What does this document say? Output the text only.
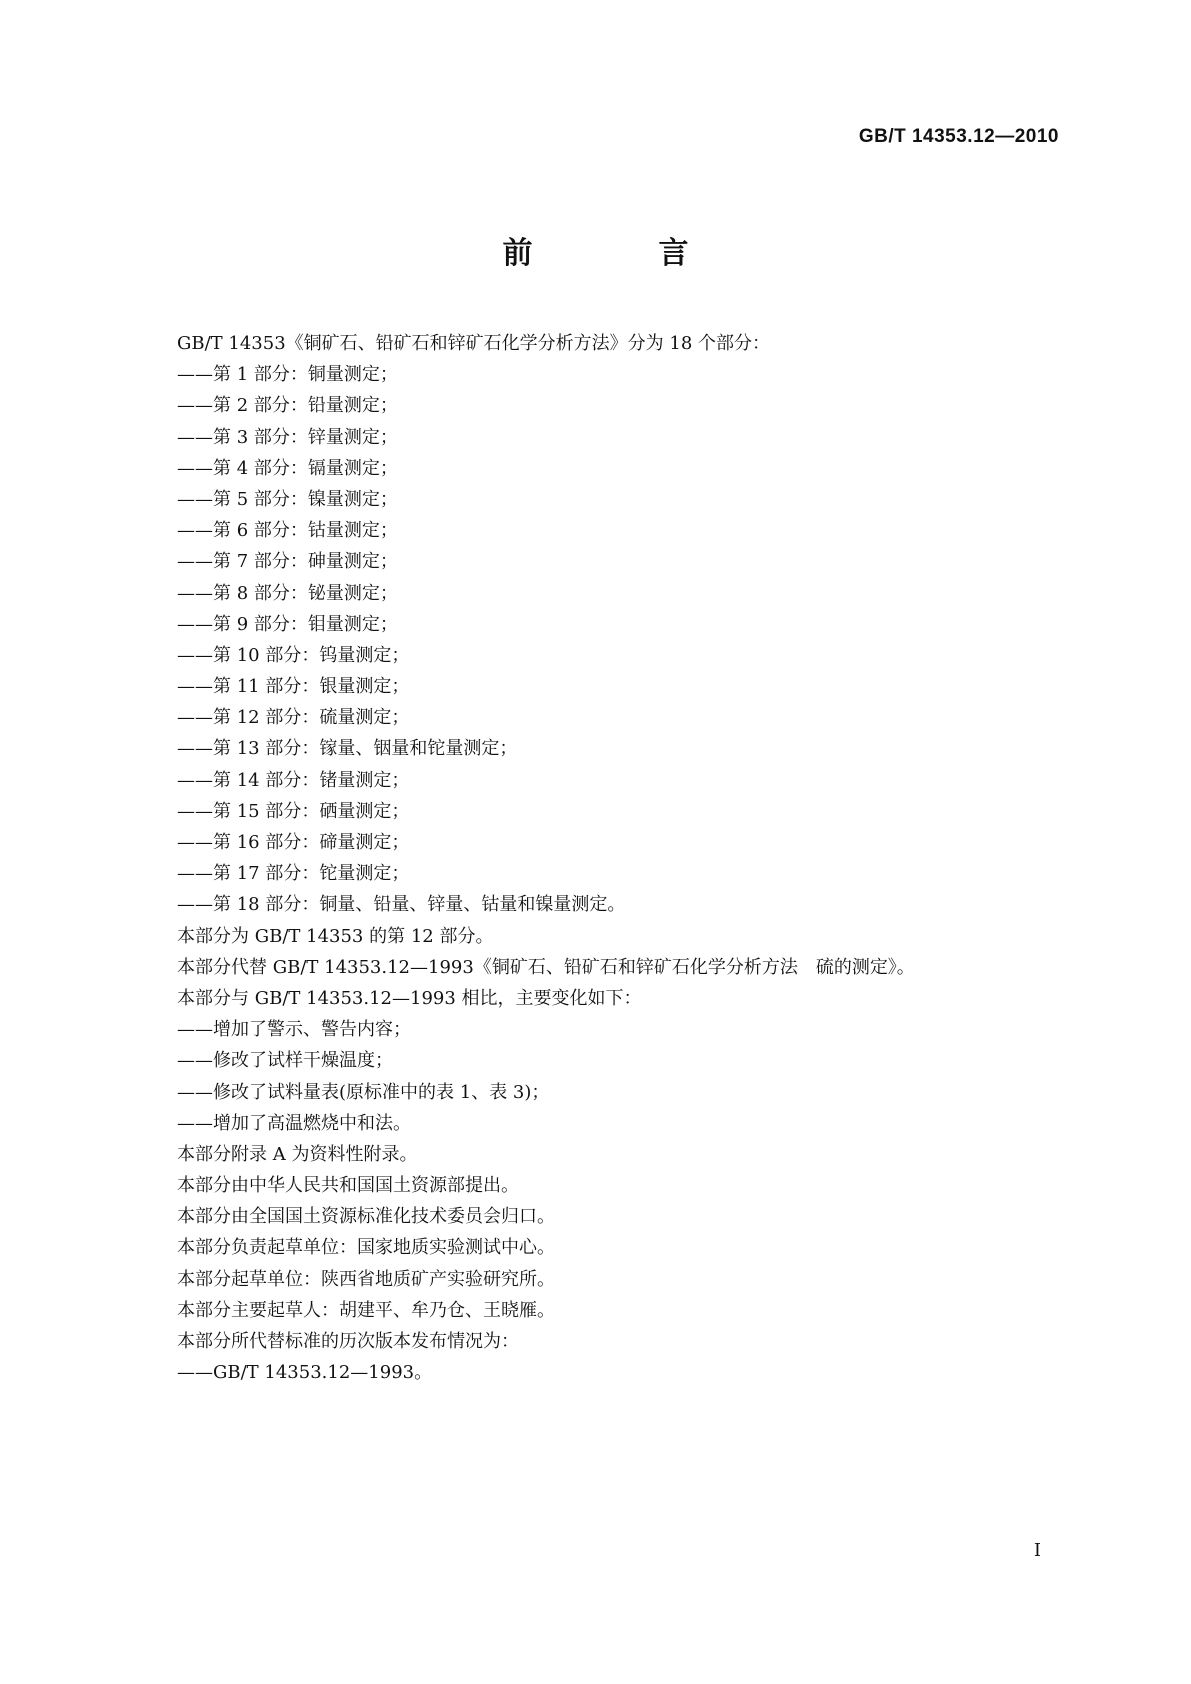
GB/T 14353.12—2010
前　言
GB/T 14353《铜矿石、铅矿石和锌矿石化学分析方法》分为 18 个部分：
——第 1 部分：铜量测定；
——第 2 部分：铅量测定；
——第 3 部分：锌量测定；
——第 4 部分：镉量测定；
——第 5 部分：镍量测定；
——第 6 部分：钴量测定；
——第 7 部分：砷量测定；
——第 8 部分：铋量测定；
——第 9 部分：钼量测定；
——第 10 部分：钨量测定；
——第 11 部分：银量测定；
——第 12 部分：硫量测定；
——第 13 部分：镓量、铟量和铊量测定；
——第 14 部分：锗量测定；
——第 15 部分：硒量测定；
——第 16 部分：碲量测定；
——第 17 部分：铊量测定；
——第 18 部分：铜量、铅量、锌量、钴量和镍量测定。
本部分为 GB/T 14353 的第 12 部分。
本部分代替 GB/T 14353.12—1993《铜矿石、铅矿石和锌矿石化学分析方法　硫的测定》。
本部分与 GB/T 14353.12—1993 相比，主要变化如下：
——增加了警示、警告内容；
——修改了试样干燥温度；
——修改了试料量表(原标准中的表 1、表 3)；
——增加了高温燃烧中和法。
本部分附录 A 为资料性附录。
本部分由中华人民共和国国土资源部提出。
本部分由全国国土资源标准化技术委员会归口。
本部分负责起草单位：国家地质实验测试中心。
本部分起草单位：陕西省地质矿产实验研究所。
本部分主要起草人：胡建平、牟乃仓、王晓雁。
本部分所代替标准的历次版本发布情况为：
——GB/T 14353.12—1993。
I
